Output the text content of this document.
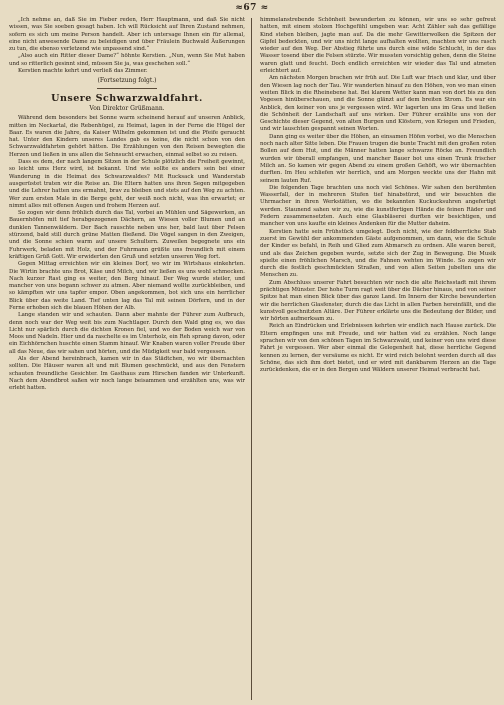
≈67 ≈

„Ich nehme an, daß Sie im Fieber reden, Herr Hauptmann, und daß Sie nicht wissen, was Sie soeben gesagt haben. Ich will Rücksicht auf Ihren Zustand nehmen, sofern es sich um meine Person handelt. Aber ich untersage Ihnen ein für allemal, eine nicht anwesende Dame zu beleidigen und über Fräulein Buchwald Äußerungen zu tun, die ebenso verletzend wie unpassend sind.“

„Also auch ein Ritter dieser Dame?“ höhnte Kerstien. „Nun, wenn Sie Mut haben und so ritterlich gesinnt sind, müssen Sie ja, was geschehen soll.“

Kerstien machte kehrt und verließ das Zimmer.

(Fortsetzung folgt.)

Unsere Schwarzwaldfahrt.

Von Direktor Grüßmann.

Während dem besonders bei Sonne warm scheinend herauf auf unseren Anblick, mitten im Neckartal, die Rebenhügel, zu Heimat, lagen in der Ferne die Hügel der Baar. Es waren die Jahre, da Kaiser Wilhelm gekommen ist und die Pfeife geraucht hat. Unter den Kindern unseres Landes gab es keine, die nicht schon von den Schwarzwaldfahrten gehört hätten. Die Erzählungen von den Reisen bewegten die Herzen und ließen in uns allen die Sehnsucht erwachen, einmal selbst so zu reisen.

Dass es dem, der nach langem Sitzen in der Schule plötzlich die Freiheit gewinnt, so leicht ums Herz wird, ist bekannt. Und wie sollte es anders sein bei einer Wanderung in die Heimat des Schwarzwaldes? Mit Rucksack und Wanderstab ausgerüstet traten wir die Reise an. Die Eltern hatten uns ihren Segen mitgegeben und die Lehrer hatten uns ermahnt, brav zu bleiben und stets auf den Weg zu achten. Wer zum ersten Male in die Berge geht, der weiß noch nicht, was ihn erwartet; er nimmt alles mit offenen Augen und frohem Herzen auf.

So zogen wir denn fröhlich durch das Tal, vorbei an Mühlen und Sägewerken, an Bauernhöfen mit tief herabgezogenen Dächern, an Wiesen voller Blumen und an dunklen Tannenwäldern. Der Bach rauschte neben uns her, bald laut über Felsen stürzend, bald still durch grüne Matten fließend. Die Vögel sangen in den Zweigen, und die Sonne schien warm auf unsere Schultern. Zuweilen begegnete uns ein Fuhrwerk, beladen mit Holz, und der Fuhrmann grüßte uns freundlich mit einem kräftigen Grüß Gott. Wir erwiderten den Gruß und setzten unseren Weg fort.

Gegen Mittag erreichten wir ein kleines Dorf, wo wir im Wirtshaus einkehrten. Die Wirtin brachte uns Brot, Käse und Milch, und wir ließen es uns wohl schmecken. Nach kurzer Rast ging es weiter, den Berg hinauf. Der Weg wurde steiler, und mancher von uns begann schwer zu atmen. Aber niemand wollte zurückbleiben, und so kämpften wir uns tapfer empor. Oben angekommen, bot sich uns ein herrlicher Blick über das weite Land. Tief unten lag das Tal mit seinen Dörfern, und in der Ferne erhoben sich die blauen Höhen der Alb.

Lange standen wir und schauten. Dann aber mahnte der Führer zum Aufbruch, denn noch war der Weg weit bis zum Nachtlager. Durch den Wald ging es, wo das Licht nur spärlich durch die dichten Kronen fiel, und wo der Boden weich war von Moos und Nadeln. Hier und da raschelte es im Unterholz, ein Reh sprang davon, oder ein Eichhörnchen huschte einen Stamm hinauf. Wir Knaben waren voller Freude über all das Neue, das wir sahen und hörten, und die Müdigkeit war bald vergessen.

Als der Abend hereinbrach, kamen wir in das Städtchen, wo wir übernachten sollten. Die Häuser waren alt und mit Blumen geschmückt, und aus den Fenstern schauten freundliche Gesichter. Im Gasthaus zum Hirschen fanden wir Unterkunft. Nach dem Abendbrot saßen wir noch lange beisammen und erzählten uns, was wir erlebt hatten.

himmelanstrebende Schönheit bewunderten zu können, wir uns so sehr gefreut hatten, mit einem stolzen Hochgefühl umgeben war. Acht Zähler sah das gefällige Kind stehen bleiben, jagte man auf. Da die mehr Gewitterwolken die Spitzen der Gipfel bedeckten, und wir uns nicht lange aufhalten wollten, machten wir uns rasch wieder auf den Weg. Der Abstieg führte uns durch eine wilde Schlucht, in der das Wasser tosend über die Felsen stürzte. Wir mussten vorsichtig gehen, denn die Steine waren glatt und feucht. Doch endlich erreichten wir wieder das Tal und atmeten erleichtert auf.

Am nächsten Morgen brachen wir früh auf. Die Luft war frisch und klar, und über den Wiesen lag noch der Tau. Wir wanderten hinauf zu den Höhen, von wo man einen weiten Blick in die Rheinebene hat. Bei klarem Wetter kann man von dort bis zu den Vogesen hinüberschauen, und die Sonne glänzt auf dem breiten Strom. Es war ein Anblick, den keiner von uns je vergessen wird. Wir lagerten uns im Gras und ließen die Schönheit der Landschaft auf uns wirken. Der Führer erzählte uns von der Geschichte dieser Gegend, von alten Burgen und Klöstern, von Kriegen und Frieden, und wir lauschten gespannt seinen Worten.

Dann ging es weiter über die Höhen, an einsamen Höfen vorbei, wo die Menschen noch nach alter Sitte leben. Die Frauen trugen die bunte Tracht mit den großen roten Bollen auf dem Hut, und die Männer hatten lange schwarze Röcke an. Freundlich wurden wir überall empfangen, und mancher Bauer bot uns einen Trunk frischer Milch an. So kamen wir gegen Abend zu einem großen Gehöft, wo wir übernachten durften. Im Heu schliefen wir herrlich, und am Morgen weckte uns der Hahn mit seinem lauten Ruf.

Die folgenden Tage brachten uns noch viel Schönes. Wir sahen den berühmten Wasserfall, der in mehreren Stufen tief hinabstürzt, und wir besuchten die Uhrmacher in ihren Werkstätten, wo die bekannten Kuckucksuhren angefertigt werden. Staunend sahen wir zu, wie die kunstfertigen Hände die feinen Räder und Federn zusammensetzten. Auch eine Glasbläserei durften wir besichtigen, und mancher von uns kaufte ein kleines Andenken für die Mutter daheim.

Kerstien hatte sein Frühstück umgelegt. Doch nicht, wie der feldherrliche Stab zuerst im Gewühl der ankommenden Gäste aufgenommen, um dann, wie die Schule der Kinder es befahl, in Reih und Glied zum Abmarsch zu ordnen. Alle waren bereit, und als das Zeichen gegeben wurde, setzte sich der Zug in Bewegung. Die Musik spielte einen fröhlichen Marsch, und die Fahnen wehten im Winde. So zogen wir durch die festlich geschmückten Straßen, und von allen Seiten jubelten uns die Menschen zu.

Zum Abschluss unserer Fahrt besuchten wir noch die alte Reichsstadt mit ihrem prächtigen Münster. Der hohe Turm ragt weit über die Dächer hinaus, und von seiner Spitze hat man einen Blick über das ganze Land. Im Innern der Kirche bewunderten wir die herrlichen Glasfenster, durch die das Licht in allen Farben hereinfällt, und die kunstvoll geschnitzten Altäre. Der Führer erklärte uns die Bedeutung der Bilder, und wir hörten aufmerksam zu.

Reich an Eindrücken und Erlebnissen kehrten wir endlich nach Hause zurück. Die Eltern empfingen uns mit Freude, und wir hatten viel zu erzählen. Noch lange sprachen wir von den schönen Tagen im Schwarzwald, und keiner von uns wird diese Fahrt je vergessen. Wer aber einmal die Gelegenheit hat, diese herrliche Gegend kennen zu lernen, der versäume es nicht. Er wird reich belohnt werden durch all das Schöne, das sich ihm dort bietet, und er wird mit dankbarem Herzen an die Tage zurückdenken, die er in den Bergen und Wäldern unserer Heimat verbracht hat.
